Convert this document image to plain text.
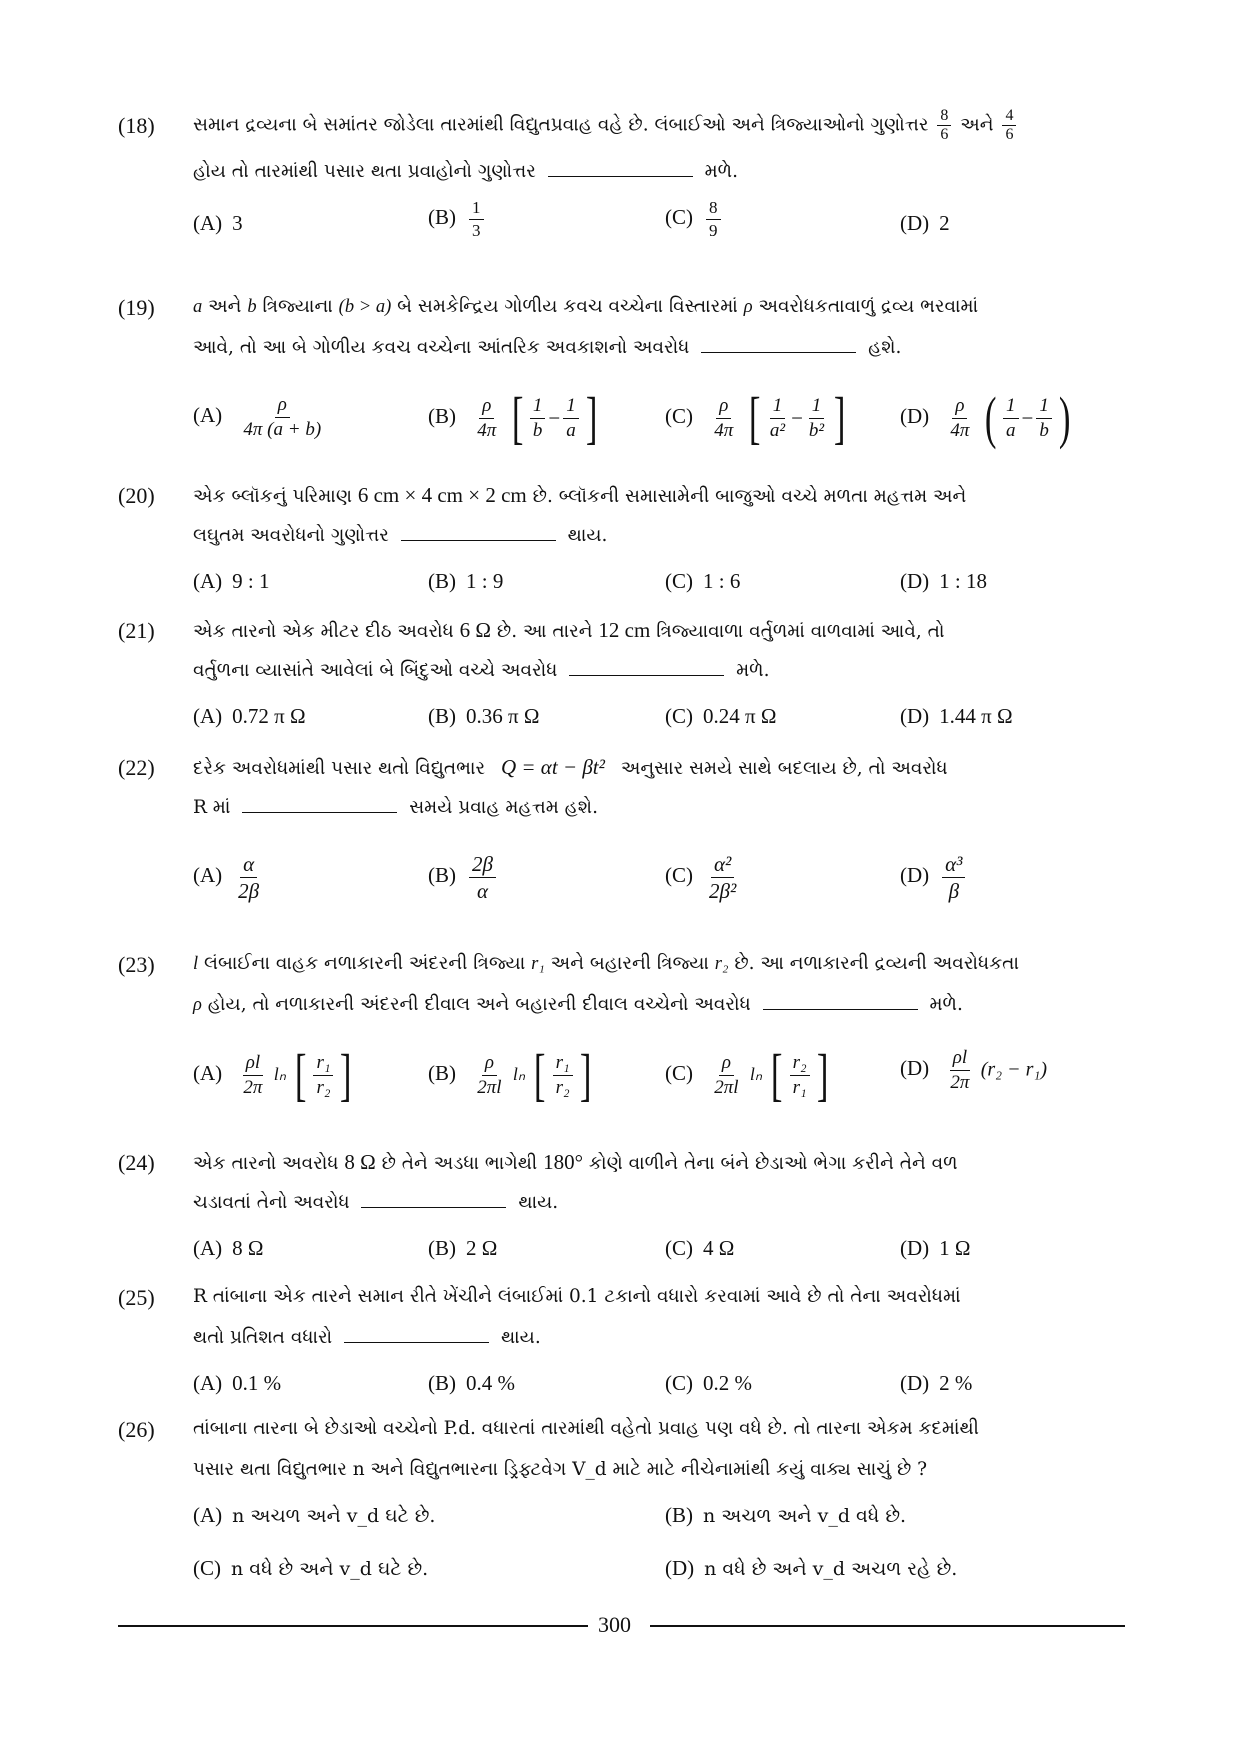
(18) સમાન દ્રવ્યના બે સમાંતર જોડેલા તારમાંથી વિદ્યુતપ્રવાહ વહે છે. લંબાઈઓ અને ત્રિજ્યાઓનો ગુણોત્તર $\frac{8}{6}$ અને $\frac{4}{6}$
હોય તો તારમાંથી પસાર થતા પ્રવાહોનો ગુણોત્તર	મળે.
(A) 3	$(B) \frac{1}{3}$	$(C) \frac{8}{9}$	(D) 2
(19) a અને b ત્રિજ્યાના (b > a) બે સમકેન્દ્રિય ગોળીય કવચ વચ્ચેના વિસ્તારમાં ρ અવરોધકતાવાળું દ્રવ્ય ભરવામાં
આવે, તો આ બે ગોળીય કવચ વચ્ચેના આંતરિક અવકાશનો અવરોધ	હશે.
$(A) \frac{\rho}{4\pi (a + b)}$	$(B) \frac{\rho}{4\pi}$
[ $\frac{1}{b} - \frac{1}{a}$ ]	$(C) \frac{\rho}{4\pi}$
[ $\frac{1}{\text{a²}} - \frac{1}{\text{b²}}$ ]	$(D) \frac{\rho}{4\pi}$
( $\frac{1}{a} - \frac{1}{b}$ )
(20) એક બ્લૉકનું પરિમાણ 6 cm × 4 cm × 2 cm છે. બ્લૉકની સમાસામેની બાજુઓ વચ્ચે મળતા મહત્તમ અને
લઘુતમ અવરોધનો ગુણોત્તર	થાય.
(A) 9 : 1	(B) 1 : 9	(C) 1 : 6	(D) 1 : 18
(21) એક તારનો એક મીટર દીઠ અવરોધ 6 Ω છે. આ તારને 12 cm ત્રિજ્યાવાળા વર્તુળમાં વાળવામાં આવે, તો
વર્તુળના વ્યાસાંતે આવેલાં બે બિંદુઓ વચ્ચે અવરોધ	મળે.
(A) 0.72 π Ω	(B) 0.36 π Ω	(C) 0.24 π Ω	(D) 1.44 π Ω
(22) દરેક અવરોધમાંથી પસાર થતો વિદ્યુતભાર Q = αt − βt² અનુસાર સમયે સાથે બદલાય છે, તો અવરોધ
R માં	સમયે પ્રવાહ મહત્તમ હશે.
$(A) \frac{\alpha}{2\beta}$	$(B) \frac{2\beta}{\alpha}$	$(C) \frac{\text{α²}}{\text{2β²}}$	$(D) \frac{\text{α³}}{\beta}$
(23) l લંબાઈના વાહક નળાકારની અંદરની ત્રિજ્યા r₁ અને બહારની ત્રિજ્યા r₂ છે. આ નળાકારની દ્રવ્યની અવરોધકતા
ρ હોય, તો નળાકારની અંદરની દીવાલ અને બહારની દીવાલ વચ્ચેનો અવરોધ	મળે.
$(A) \frac{\rho l}{2\pi}$ lₙ [ $\frac{\text{r₁}}{\text{r₂}}$ ]	$(B) \frac{\rho}{2\pi l}$ lₙ [ $\frac{\text{r₁}}{\text{r₂}}$ ]	$(C) \frac{\rho}{2\pi l}$ lₙ [ $\frac{\text{r₂}}{\text{r₁}}$ ]	$(D) \frac{\rho l}{2\pi} (r_2 - r_1)$
(24) એક તારનો અવરોધ 8 Ω છે તેને અડધા ભાગેથી 180° કોણે વાળીને તેના બંને છેડાઓ ભેગા કરીને તેને વળ
ચડાવતાં તેનો અવરોધ	થાય.
(A) 8 Ω	(B) 2 Ω	(C) 4 Ω	(D) 1 Ω
(25) R તાંબાના એક તારને સમાન રીતે ખેંચીને લંબાઈમાં 0.1 ટકાનો વધારો કરવામાં આવે છે તો તેના અવરોધમાં
થતો પ્રતિશત વધારો	થાય.
(A) 0.1 %	(B) 0.4 %	(C) 0.2 %	(D) 2 %
(26) તાંબાના તારના બે છેડાઓ વચ્ચેનો P.d. વધારતાં તારમાંથી વહેતો પ્રવાહ પણ વધે છે. તો તારના એકમ કદમાંથી
પસાર થતા વિદ્યુતભાર n અને વિદ્યુતભારના ડ્રિફ્ટવેગ V_d માટે માટે નીચેનામાંથી કયું વાક્ય સાચું છે ?
(A) n અચળ અને v_d ઘટે છે.	(B) n અચળ અને v_d વધે છે.
(C) n વધે છે અને v_d ઘટે છે.	(D) n વધે છે અને v_d અચળ રહે છે.
300
